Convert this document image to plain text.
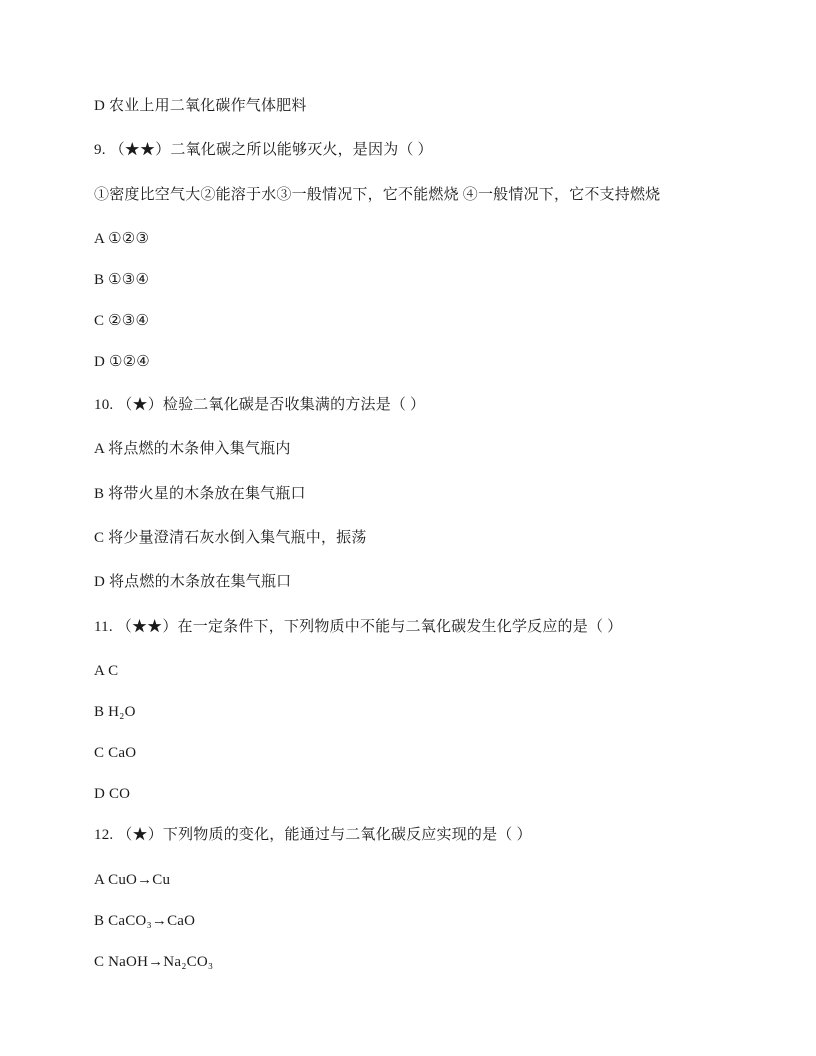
D 农业上用二氧化碳作气体肥料
9. （★★）二氧化碳之所以能够灭火，是因为（ ）
①密度比空气大②能溶于水③一般情况下，它不能燃烧 ④一般情况下，它不支持燃烧
A ①②③
B ①③④
C ②③④
D ①②④
10. （★）检验二氧化碳是否收集满的方法是（ ）
A 将点燃的木条伸入集气瓶内
B 将带火星的木条放在集气瓶口
C 将少量澄清石灰水倒入集气瓶中，振荡
D 将点燃的木条放在集气瓶口
11. （★★）在一定条件下，下列物质中不能与二氧化碳发生化学反应的是（ ）
A C
B H₂O
C CaO
D CO
12. （★）下列物质的变化，能通过与二氧化碳反应实现的是（ ）
A CuO→Cu
B CaCO₃→CaO
C NaOH→Na₂CO₃
